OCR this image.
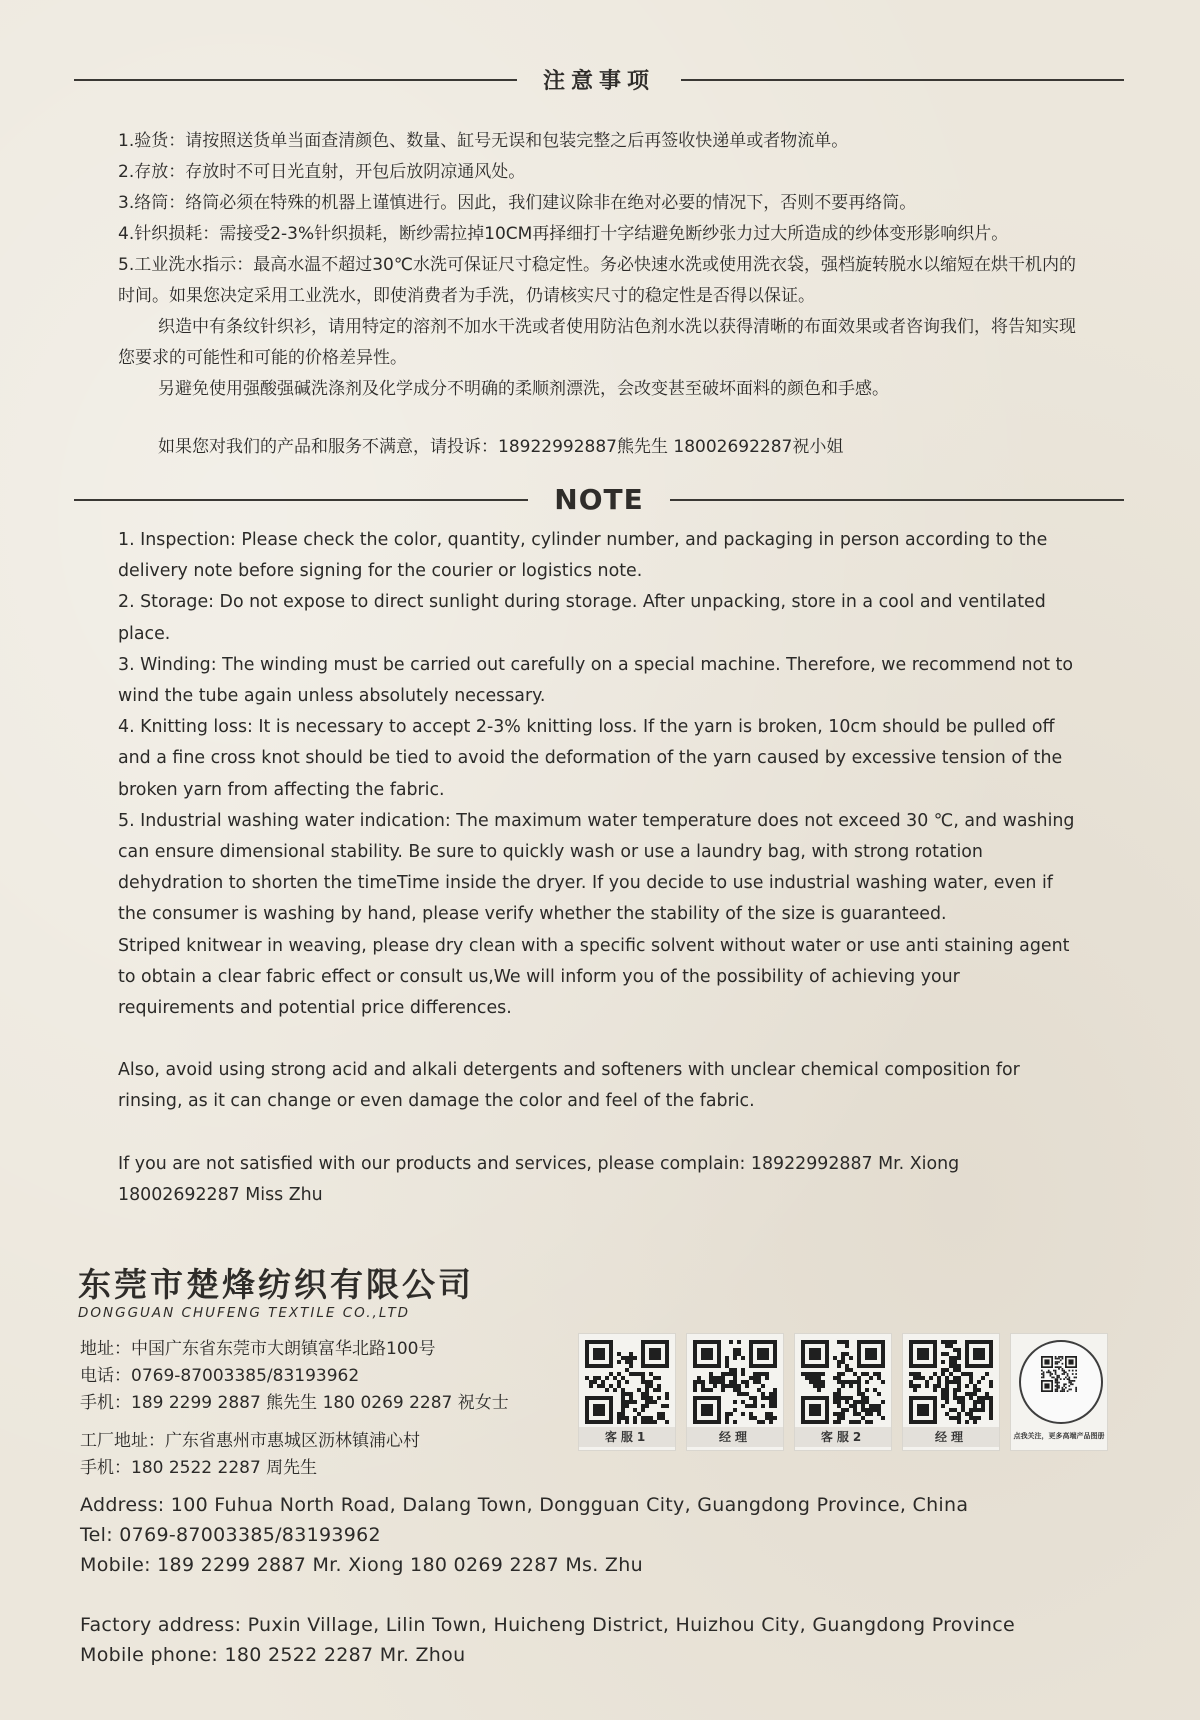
注意事项

1.验货：请按照送货单当面查清颜色、数量、缸号无误和包装完整之后再签收快递单或者物流单。

2.存放：存放时不可日光直射，开包后放阴凉通风处。

3.络筒：络筒必须在特殊的机器上谨慎进行。因此，我们建议除非在绝对必要的情况下，否则不要再络筒。

4.针织损耗：需接受2-3%针织损耗，断纱需拉掉10CM再择细打十字结避免断纱张力过大所造成的纱体变形影响织片。

5.工业洗水指示：最高水温不超过30℃水洗可保证尺寸稳定性。务必快速水洗或使用洗衣袋，强档旋转脱水以缩短在烘干机内的时间。如果您决定采用工业洗水，即使消费者为手洗，仍请核实尺寸的稳定性是否得以保证。

织造中有条纹针织衫，请用特定的溶剂不加水干洗或者使用防沾色剂水洗以获得清晰的布面效果或者咨询我们，将告知实现您要求的可能性和可能的价格差异性。

另避免使用强酸强碱洗涤剂及化学成分不明确的柔顺剂漂洗，会改变甚至破坏面料的颜色和手感。

如果您对我们的产品和服务不满意，请投诉：18922992887熊先生 18002692287祝小姐

NOTE

1. Inspection: Please check the color, quantity, cylinder number, and packaging in person according to the delivery note before signing for the courier or logistics note.

2. Storage: Do not expose to direct sunlight during storage. After unpacking, store in a cool and ventilated place.

3. Winding: The winding must be carried out carefully on a special machine. Therefore, we recommend not to wind the tube again unless absolutely necessary.

4. Knitting loss: It is necessary to accept 2-3% knitting loss. If the yarn is broken, 10cm should be pulled off and a fine cross knot should be tied to avoid the deformation of the yarn caused by excessive tension of the broken yarn from affecting the fabric.

5. Industrial washing water indication: The maximum water temperature does not exceed 30 ℃, and washing can ensure dimensional stability. Be sure to quickly wash or use a laundry bag, with strong rotation dehydration to shorten the timeTime inside the dryer. If you decide to use industrial washing water, even if the consumer is washing by hand, please verify whether the stability of the size is guaranteed.

Striped knitwear in weaving, please dry clean with a specific solvent without water or use anti staining agent to obtain a clear fabric effect or consult us,We will inform you of the possibility of achieving your requirements and potential price differences.

Also, avoid using strong acid and alkali detergents and softeners with unclear chemical composition for rinsing, as it can change or even damage the color and feel of the fabric.

If you are not satisfied with our products and services, please complain: 18922992887 Mr. Xiong 18002692287 Miss Zhu

东莞市楚烽纺织有限公司
DONGGUAN CHUFENG TEXTILE CO.,LTD

地址：中国广东省东莞市大朗镇富华北路100号

电话：0769-87003385/83193962

手机：189 2299 2887 熊先生 180 0269 2287 祝女士

工厂地址：广东省惠州市惠城区沥林镇浦心村

手机：180 2522 2287 周先生

客服1	经理	客服2	经理	点我关注，更多高端产品图册

Address: 100 Fuhua North Road, Dalang Town, Dongguan City, Guangdong Province, China

Tel: 0769-87003385/83193962

Mobile: 189 2299 2887 Mr. Xiong 180 0269 2287 Ms. Zhu

Factory address: Puxin Village, Lilin Town, Huicheng District, Huizhou City, Guangdong Province

Mobile phone: 180 2522 2287 Mr. Zhou
